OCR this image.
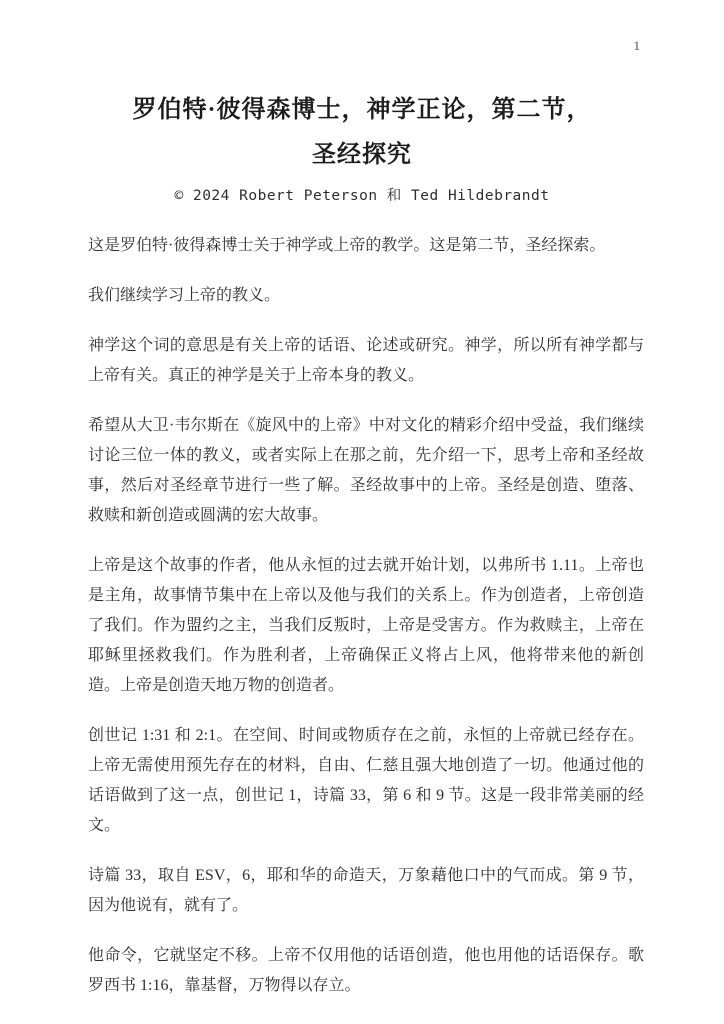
1
罗伯特·彼得森博士，神学正论，第二节，
圣经探究
© 2024 Robert Peterson 和 Ted Hildebrandt

这是罗伯特·彼得森博士关于神学或上帝的教学。这是第二节，圣经探索。

我们继续学习上帝的教义。

神学这个词的意思是有关上帝的话语、论述或研究。神学，所以所有神学都与上帝有关。真正的神学是关于上帝本身的教义。

希望从大卫·韦尔斯在《旋风中的上帝》中对文化的精彩介绍中受益，我们继续讨论三位一体的教义，或者实际上在那之前，先介绍一下，思考上帝和圣经故事，然后对圣经章节进行一些了解。圣经故事中的上帝。圣经是创造、堕落、救赎和新创造或圆满的宏大故事。

上帝是这个故事的作者，他从永恒的过去就开始计划，以弗所书 1.11。上帝也是主角，故事情节集中在上帝以及他与我们的关系上。作为创造者，上帝创造了我们。作为盟约之主，当我们反叛时，上帝是受害方。作为救赎主，上帝在耶稣里拯救我们。作为胜利者，上帝确保正义将占上风，他将带来他的新创造。上帝是创造天地万物的创造者。

创世记 1:31 和 2:1。在空间、时间或物质存在之前，永恒的上帝就已经存在。上帝无需使用预先存在的材料，自由、仁慈且强大地创造了一切。他通过他的话语做到了这一点，创世记 1，诗篇 33，第 6 和 9 节。这是一段非常美丽的经文。

诗篇 33，取自 ESV，6，耶和华的命造天，万象藉他口中的气而成。第 9 节，因为他说有，就有了。

他命令，它就坚定不移。上帝不仅用他的话语创造，他也用他的话语保存。歌罗西书 1:16，靠基督，万物得以存立。
